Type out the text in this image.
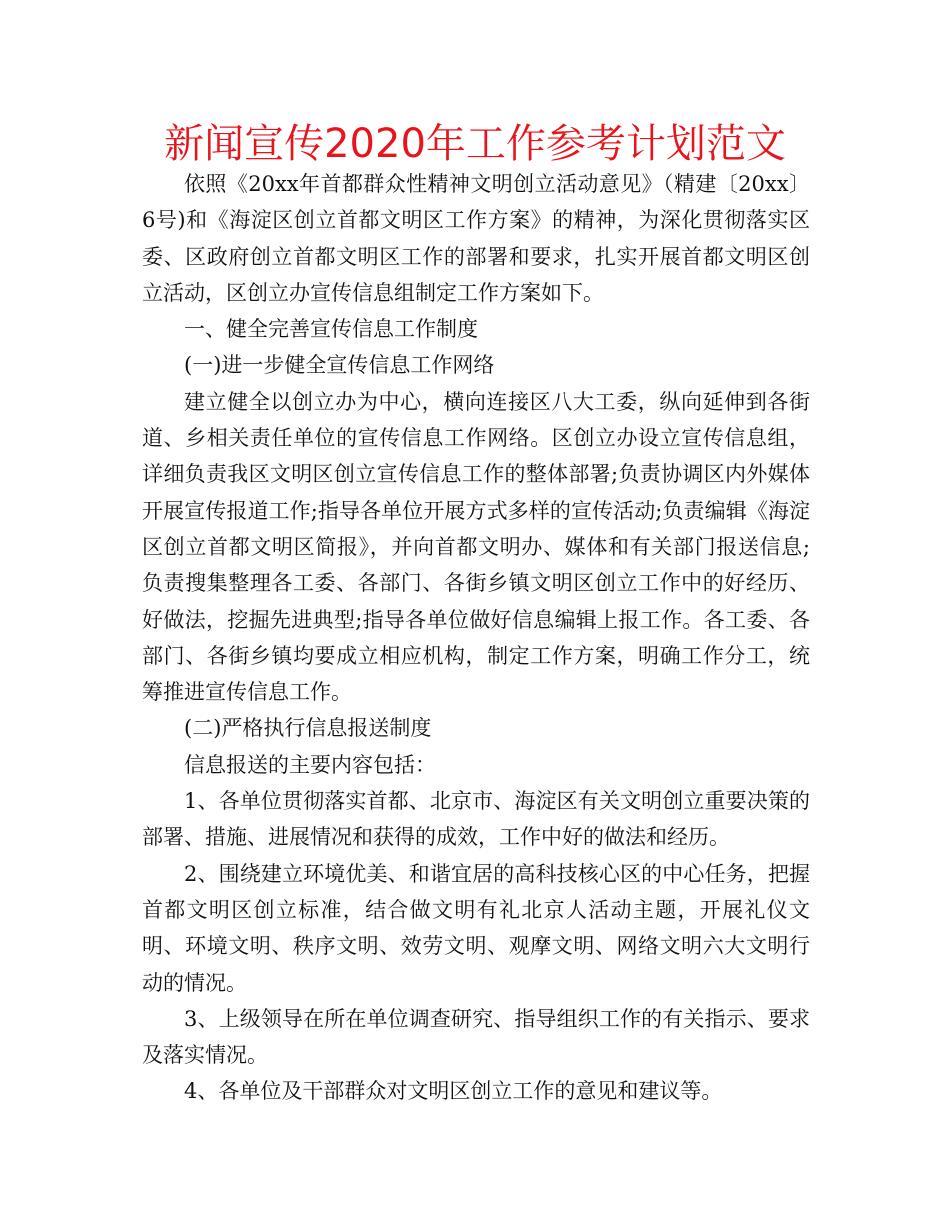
新闻宣传2020年工作参考计划范文

依照《20xx年首都群众性精神文明创立活动意见》（精建〔20xx〕6号)和《海淀区创立首都文明区工作方案》的精神，为深化贯彻落实区委、区政府创立首都文明区工作的部署和要求，扎实开展首都文明区创立活动，区创立办宣传信息组制定工作方案如下。

一、健全完善宣传信息工作制度

(一)进一步健全宣传信息工作网络

建立健全以创立办为中心，横向连接区八大工委，纵向延伸到各街道、乡相关责任单位的宣传信息工作网络。区创立办设立宣传信息组，详细负责我区文明区创立宣传信息工作的整体部署;负责协调区内外媒体开展宣传报道工作;指导各单位开展方式多样的宣传活动;负责编辑《海淀区创立首都文明区简报》，并向首都文明办、媒体和有关部门报送信息;负责搜集整理各工委、各部门、各街乡镇文明区创立工作中的好经历、好做法，挖掘先进典型;指导各单位做好信息编辑上报工作。各工委、各部门、各街乡镇均要成立相应机构，制定工作方案，明确工作分工，统筹推进宣传信息工作。

(二)严格执行信息报送制度

信息报送的主要内容包括：

1、各单位贯彻落实首都、北京市、海淀区有关文明创立重要决策的部署、措施、进展情况和获得的成效，工作中好的做法和经历。

2、围绕建立环境优美、和谐宜居的高科技核心区的中心任务，把握首都文明区创立标准，结合做文明有礼北京人活动主题，开展礼仪文明、环境文明、秩序文明、效劳文明、观摩文明、网络文明六大文明行动的情况。

3、上级领导在所在单位调查研究、指导组织工作的有关指示、要求及落实情况。

4、各单位及干部群众对文明区创立工作的意见和建议等。
